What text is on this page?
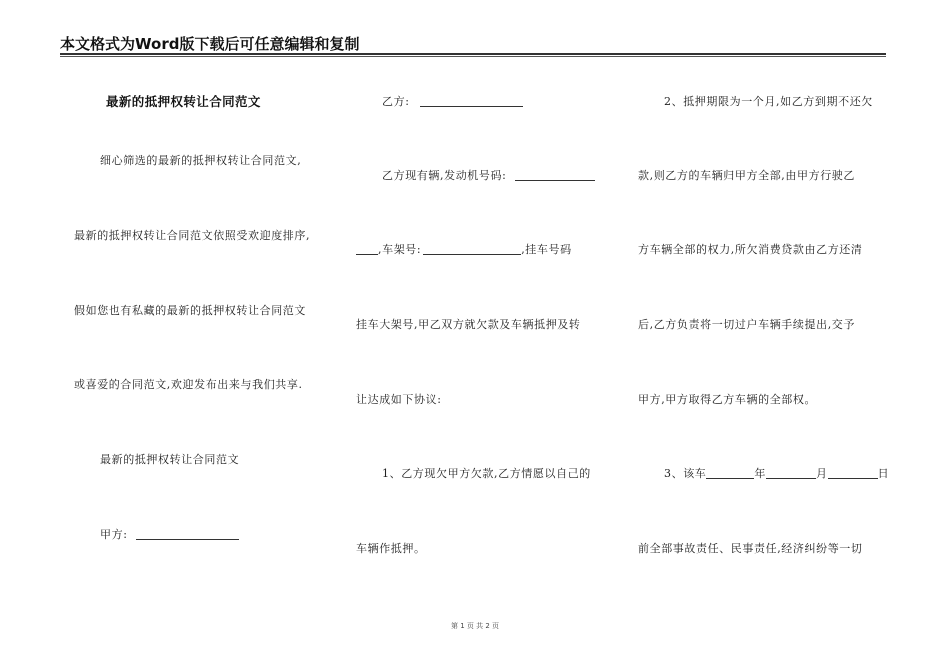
本文格式为Word版下载后可任意编辑和复制
最新的抵押权转让合同范文
细心筛选的最新的抵押权转让合同范文,
最新的抵押权转让合同范文依照受欢迎度排序,
假如您也有私藏的最新的抵押权转让合同范文
或喜爱的合同范文,欢迎发布出来与我们共享.
最新的抵押权转让合同范文
甲方:
乙方:
乙方现有辆,发动机号码:
,车架号:	,挂车号码
挂车大架号,甲乙双方就欠款及车辆抵押及转
让达成如下协议:
1、乙方现欠甲方欠款,乙方情愿以自己的
车辆作抵押。
2、抵押期限为一个月,如乙方到期不还欠
款,则乙方的车辆归甲方全部,由甲方行驶乙
方车辆全部的权力,所欠消费贷款由乙方还清
后,乙方负责将一切过户车辆手续提出,交予
甲方,甲方取得乙方车辆的全部权。
3、该车	年	月	日
前全部事故责任、民事责任,经济纠纷等一切
第 1 页 共 2 页
